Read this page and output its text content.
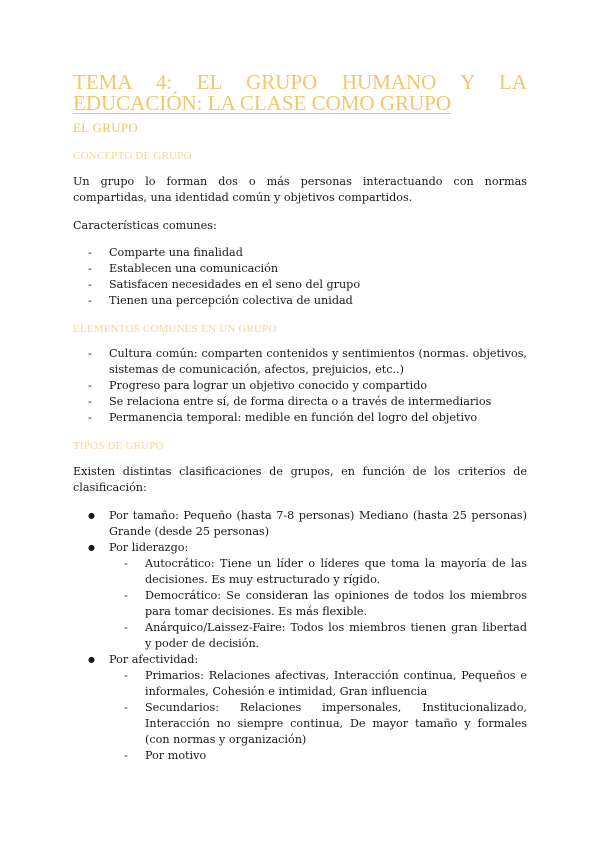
TEMA 4: EL GRUPO HUMANO Y LA
EDUCACIÓN: LA CLASE COMO GRUPO
EL GRUPO
CONCEPTO DE GRUPO

Un grupo lo forman dos o más personas interactuando con normas compartidas, una identidad común y objetivos compartidos.

Características comunes:

- Comparte una finalidad
- Establecen una comunicación
- Satisfacen necesidades en el seno del grupo
- Tienen una percepción colectiva de unidad
ELEMENTOS COMUNES EN UN GRUPO
- Cultura común: comparten contenidos y sentimientos (normas. objetivos, sistemas de comunicación, afectos, prejuicios, etc..)
- Progreso para lograr un objetivo conocido y compartido
- Se relaciona entre sí, de forma directa o a través de intermediarios
- Permanencia temporal: medible en función del logro del objetivo
TIPOS DE GRUPO

Existen distintas clasificaciones de grupos, en función de los criterios de clasificación:

● Por tamaño: Pequeño (hasta 7-8 personas) Mediano (hasta 25 personas) Grande (desde 25 personas)
● Por liderazgo:
- Autocrático: Tiene un líder o líderes que toma la mayoría de las decisiones. Es muy estructurado y rígido.
- Democrático: Se consideran las opiniones de todos los miembros para tomar decisiones. Es más flexible.
- Anárquico/Laissez-Faire: Todos los miembros tienen gran libertad y poder de decisión.
● Por afectividad:
- Primarios: Relaciones afectivas, Interacción continua, Pequeños e informales, Cohesión e intimidad, Gran influencia
- Secundarios: Relaciones impersonales, Institucionalizado, Interacción no siempre continua, De mayor tamaño y formales (con normas y organización)
- Por motivo
